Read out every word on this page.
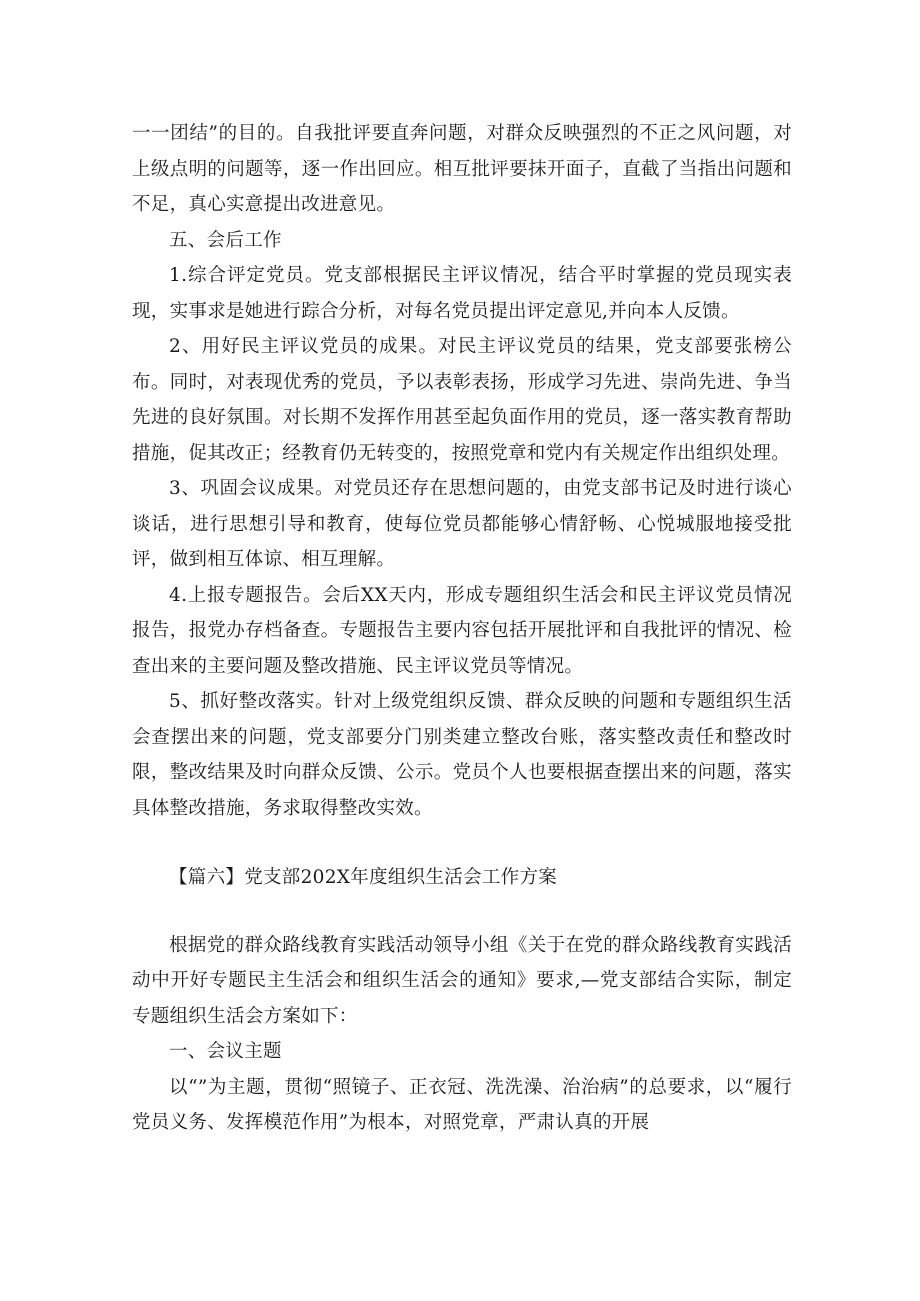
一一团结”的目的。自我批评要直奔问题，对群众反映强烈的不正之风问题，对上级点明的问题等，逐一作出回应。相互批评要抹开面子，直截了当指出问题和不足，真心实意提出改进意见。

五、会后工作

1.综合评定党员。党支部根据民主评议情况，结合平时掌握的党员现实表现，实事求是她进行踪合分析，对每名党员提出评定意见,并向本人反馈。

2、用好民主评议党员的成果。对民主评议党员的结果，党支部要张榜公布。同时，对表现优秀的党员，予以表彰表扬，形成学习先进、崇尚先进、争当先进的良好氛围。对长期不发挥作用甚至起负面作用的党员，逐一落实教育帮助措施，促其改正；经教育仍无转变的，按照党章和党内有关规定作出组织处理。

3、巩固会议成果。对党员还存在思想问题的，由党支部书记及时进行谈心谈话，进行思想引导和教育，使每位党员都能够心情舒畅、心悦城服地接受批评，做到相互体谅、相互理解。

4.上报专题报告。会后XX天内，形成专题组织生活会和民主评议党员情况报告，报党办存档备查。专题报告主要内容包括开展批评和自我批评的情况、检查出来的主要问题及整改措施、民主评议党员等情况。

5、抓好整改落实。针对上级党组织反馈、群众反映的问题和专题组织生活会查摆出来的问题，党支部要分门别类建立整改台账，落实整改责任和整改时限，整改结果及时向群众反馈、公示。党员个人也要根据查摆出来的问题，落实具体整改措施，务求取得整改实效。

【篇六】党支部202X年度组织生活会工作方案

根据党的群众路线教育实践活动领导小组《关于在党的群众路线教育实践活动中开好专题民主生活会和组织生活会的通知》要求,—党支部结合实际，制定专题组织生活会方案如下：

一、会议主题

以“”为主题，贯彻“照镜子、正衣冠、洗洗澡、治治病”的总要求，以“履行党员义务、发挥模范作用”为根本，对照党章，严肃认真的开展
